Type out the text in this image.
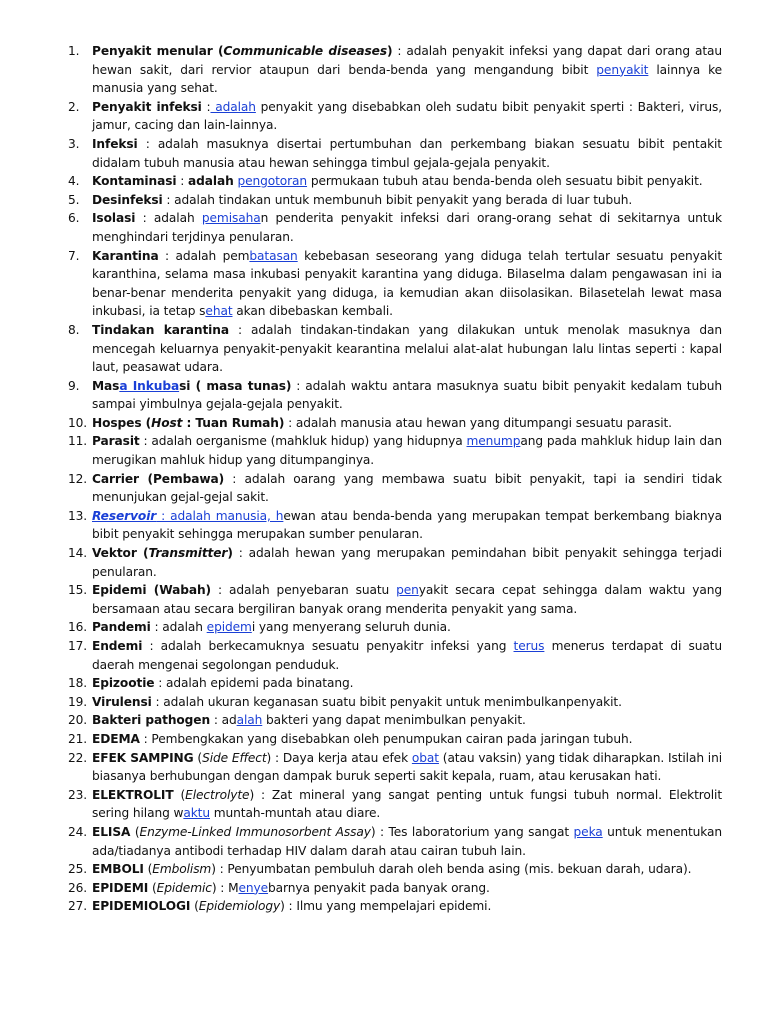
1.	Penyakit menular (Communicable diseases) : adalah penyakit infeksi yang dapat dari orang atau hewan sakit, dari rervior ataupun dari benda-benda yang mengandung bibit penyakit lainnya ke manusia yang sehat.
2.	Penyakit infeksi : adalah penyakit yang disebabkan oleh sudatu bibit penyakit sperti : Bakteri, virus, jamur, cacing dan lain-lainnya.
3.	Infeksi : adalah masuknya disertai pertumbuhan dan perkembang biakan sesuatu bibit pentakit didalam tubuh manusia atau hewan sehingga timbul gejala-gejala penyakit.
4.	Kontaminasi : adalah pengotoran permukaan tubuh atau benda-benda oleh sesuatu bibit penyakit.
5.	Desinfeksi : adalah tindakan untuk membunuh bibit penyakit yang berada di luar tubuh.
6.	Isolasi : adalah pemisahan penderita penyakit infeksi dari orang-orang sehat di sekitarnya untuk menghindari terjdinya penularan.
7.	Karantina : adalah pembatasan kebebasan seseorang yang diduga telah tertular sesuatu penyakit karanthina, selama masa inkubasi penyakit karantina yang diduga. Bilaselma dalam pengawasan ini ia benar-benar menderita penyakit yang diduga, ia kemudian akan diisolasikan. Bilasetelah lewat masa inkubasi, ia tetap sehat akan dibebaskan kembali.
8.	Tindakan karantina : adalah tindakan-tindakan yang dilakukan untuk menolak masuknya dan mencegah keluarnya penyakit-penyakit kearantina melalui alat-alat hubungan lalu lintas seperti : kapal laut, peasawat udara.
9.	Masa Inkubasi ( masa tunas) : adalah waktu antara masuknya suatu bibit penyakit kedalam tubuh sampai yimbulnya gejala-gejala penyakit.
10. Hospes (Host : Tuan Rumah) : adalah manusia atau hewan yang ditumpangi sesuatu parasit.
11. Parasit : adalah oerganisme (mahkluk hidup) yang hidupnya menumpang pada mahkluk hidup lain dan merugikan mahluk hidup yang ditumpanginya.
12. Carrier (Pembawa) : adalah oarang yang membawa suatu bibit penyakit, tapi ia sendiri tidak menunjukan gejal-gejal sakit.
13. Reservoir : adalah manusia, hewan atau benda-benda yang merupakan tempat berkembang biaknya bibit penyakit sehingga merupakan sumber penularan.
14. Vektor (Transmitter) : adalah hewan yang merupakan pemindahan bibit penyakit sehingga terjadi penularan.
15. Epidemi (Wabah) : adalah penyebaran suatu penyakit secara cepat sehingga dalam waktu yang bersamaan atau secara bergiliran banyak orang menderita penyakit yang sama.
16. Pandemi : adalah epidemi yang menyerang seluruh dunia.
17. Endemi : adalah berkecamuknya sesuatu penyakitr infeksi yang terus menerus terdapat di suatu daerah mengenai segolongan penduduk.
18. Epizootie : adalah epidemi pada binatang.
19. Virulensi : adalah ukuran keganasan suatu bibit penyakit untuk menimbulkanpenyakit.
20. Bakteri pathogen : adalah bakteri yang dapat menimbulkan penyakit.
21. EDEMA : Pembengkakan yang disebabkan oleh penumpukan cairan pada jaringan tubuh.
22. EFEK SAMPING (Side Effect) : Daya kerja atau efek obat (atau vaksin) yang tidak diharapkan. Istilah ini biasanya berhubungan dengan dampak buruk seperti sakit kepala, ruam, atau kerusakan hati.
23. ELEKTROLIT (Electrolyte) : Zat mineral yang sangat penting untuk fungsi tubuh normal. Elektrolit sering hilang waktu muntah-muntah atau diare.
24. ELISA (Enzyme-Linked Immunosorbent Assay) : Tes laboratorium yang sangat peka untuk menentukan ada/tiadanya antibodi terhadap HIV dalam darah atau cairan tubuh lain.
25. EMBOLI (Embolism) : Penyumbatan pembuluh darah oleh benda asing (mis. bekuan darah, udara).
26. EPIDEMI (Epidemic) : Menyebarnya penyakit pada banyak orang.
27. EPIDEMIOLOGI (Epidemiology) : Ilmu yang mempelajari epidemi.
